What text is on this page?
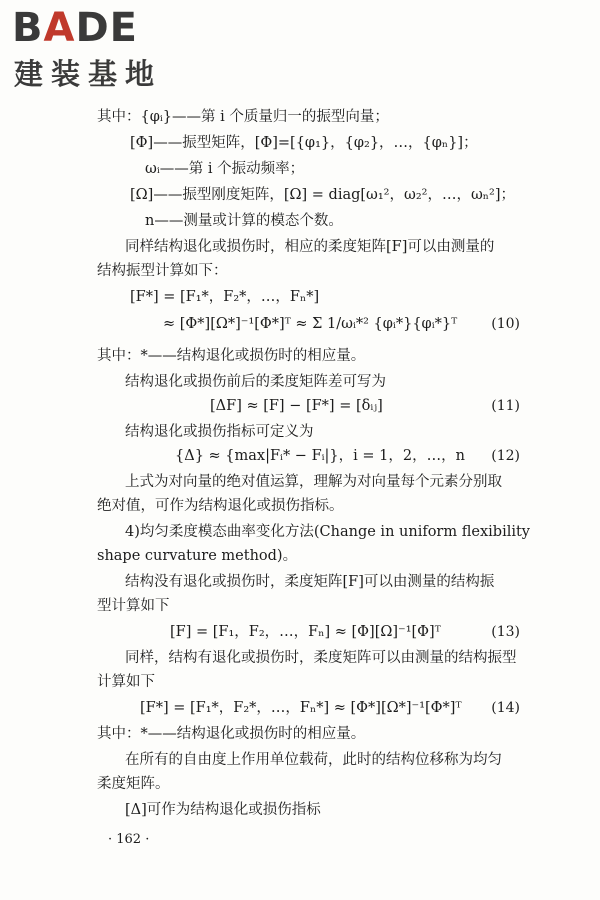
BADE
建装基地
其中：{φᵢ}——第 i 个质量归一的振型向量；
[Φ]——振型矩阵，[Φ]=[{φ₁}，{φ₂}，…，{φₙ}]；
ωᵢ——第 i 个振动频率；
[Ω]——振型刚度矩阵，[Ω] = diag[ω₁²，ω₂²，…，ωₙ²]；
n——测量或计算的模态个数。
同样结构退化或损伤时，相应的柔度矩阵[F]可以由测量的
结构振型计算如下：
[F*] = [F₁*，F₂*，…，Fₙ*]
≈ [Φ*][Ω*]⁻¹[Φ*]ᵀ ≈ Σ 1/ωᵢ*² {φᵢ*}{φᵢ*}ᵀ
其中：*——结构退化或损伤时的相应量。
结构退化或损伤前后的柔度矩阵差可写为
[ΔF] ≈ [F] − [F*] = [δᵢⱼ]
结构退化或损伤指标可定义为
{Δ} ≈ {max|Fᵢ* − Fᵢ|}，i = 1，2，…，n
上式为对向量的绝对值运算，理解为对向量每个元素分别取
绝对值，可作为结构退化或损伤指标。
4)均匀柔度模态曲率变化方法(Change in uniform flexibility
shape curvature method)。
结构没有退化或损伤时，柔度矩阵[F]可以由测量的结构振
型计算如下
[F] = [F₁，F₂，…，Fₙ] ≈ [Φ][Ω]⁻¹[Φ]ᵀ
同样，结构有退化或损伤时，柔度矩阵可以由测量的结构振型
计算如下
[F*] = [F₁*，F₂*，…，Fₙ*] ≈ [Φ*][Ω*]⁻¹[Φ*]ᵀ
其中：*——结构退化或损伤时的相应量。
在所有的自由度上作用单位载荷，此时的结构位移称为均匀
柔度矩阵。
[Δ]可作为结构退化或损伤指标
(10)
(11)
(12)
(13)
(14)
· 162 ·
